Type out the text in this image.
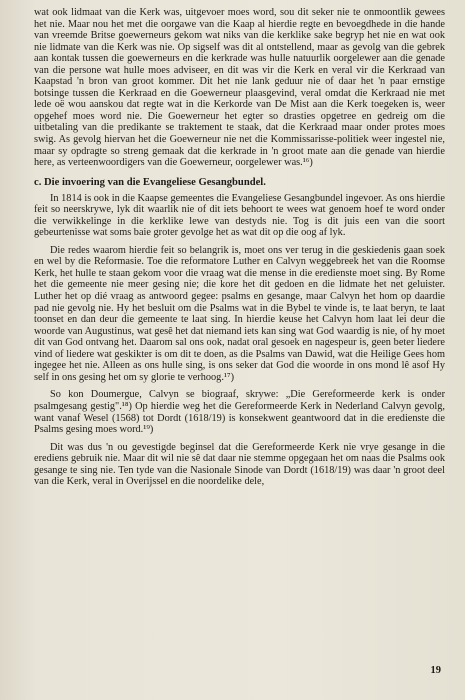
wat ook lidmaat van die Kerk was, uitgevoer moes word, sou dit seker nie te onmoontlik gewees het nie. Maar nou het met die oorgawe van die Kaap al hierdie regte en bevoegdhede in die hande van vreemde Britse goewerneurs gekom wat niks van die kerklike sake begryp het nie en wat ook nie lidmate van die Kerk was nie. Op sigself was dit al ontstellend, maar as gevolg van die gebrek aan kontak tussen die goewerneurs en die kerkrade was hulle natuurlik oorgelewer aan die genade van die persone wat hulle moes adviseer, en dit was vir die Kerk en veral vir die Kerkraad van Kaapstad 'n bron van groot kommer. Dit het nie lank geduur nie of daar het 'n paar ernstige botsinge tussen die Kerkraad en die Goewerneur plaasgevind, veral omdat die Kerkraad nie met lede oë wou aanskou dat regte wat in die Kerkorde van De Mist aan die Kerk toegeken is, weer opgehef moes word nie. Die Goewerneur het egter so drasties opgetree en gedreig om die uitbetaling van die predikante se traktement te staak, dat die Kerkraad maar onder protes moes swig. As gevolg hiervan het die Goewerneur nie net die Kommissarisse-politiek weer ingestel nie, maar sy opdragte so streng gemaak dat die kerkrade in 'n groot mate aan die genade van hierdie here, as verteenwoordigers van die Goewerneur, oorgelewer was.¹⁶)

c. Die invoering van die Evangeliese Gesangbundel.

In 1814 is ook in die Kaapse gemeentes die Evangeliese Gesangbundel ingevoer. As ons hierdie feit so neerskrywe, lyk dit waarlik nie of dit iets behoort te wees wat genoem hoef te word onder die verwikkelinge in die kerklike lewe van destyds nie. Tog is dit juis een van die soort gebeurtenisse wat soms baie groter gevolge het as wat dit op die oog af lyk.

Die redes waarom hierdie feit so belangrik is, moet ons ver terug in die geskiedenis gaan soek en wel by die Reformasie. Toe die reformatore Luther en Calvyn weggebreek het van die Roomse Kerk, het hulle te staan gekom voor die vraag wat die mense in die eredienste moet sing. By Rome het die gemeente nie meer gesing nie; die kore het dit gedoen en die lidmate het net geluister. Luther het op dié vraag as antwoord gegee: psalms en gesange, maar Calvyn het hom op daardie pad nie gevolg nie. Hy het besluit om die Psalms wat in die Bybel te vinde is, te laat beryn, te laat toonset en dan deur die gemeente te laat sing. In hierdie keuse het Calvyn hom laat lei deur die woorde van Augustinus, wat gesê het dat niemand iets kan sing wat God waardig is nie, of hy moet dit van God ontvang het. Daarom sal ons ook, nadat oral gesoek en nagespeur is, geen beter liedere vind of liedere wat geskikter is om dit te doen, as die Psalms van Dawid, wat die Heilige Gees hom ingegee het nie. Alleen as ons hulle sing, is ons seker dat God die woorde in ons mond lê asof Hy self in ons gesing het om sy glorie te verhoog.¹⁷)

So kon Doumergue, Calvyn se biograaf, skrywe: „Die Gereformeerde kerk is onder psalmgesang gestig".¹⁸) Op hierdie weg het die Gereformeerde Kerk in Nederland Calvyn gevolg, want vanaf Wesel (1568) tot Dordt (1618/19) is konsekwent geantwoord dat in die eredienste die Psalms gesing moes word.¹⁹)

Dit was dus 'n ou gevestigde beginsel dat die Gereformeerde Kerk nie vrye gesange in die erediens gebruik nie. Maar dit wil nie sê dat daar nie stemme opgegaan het om naas die Psalms ook gesange te sing nie. Ten tyde van die Nasionale Sinode van Dordt (1618/19) was daar 'n groot deel van die Kerk, veral in Overijssel en die noordelike dele,

19
